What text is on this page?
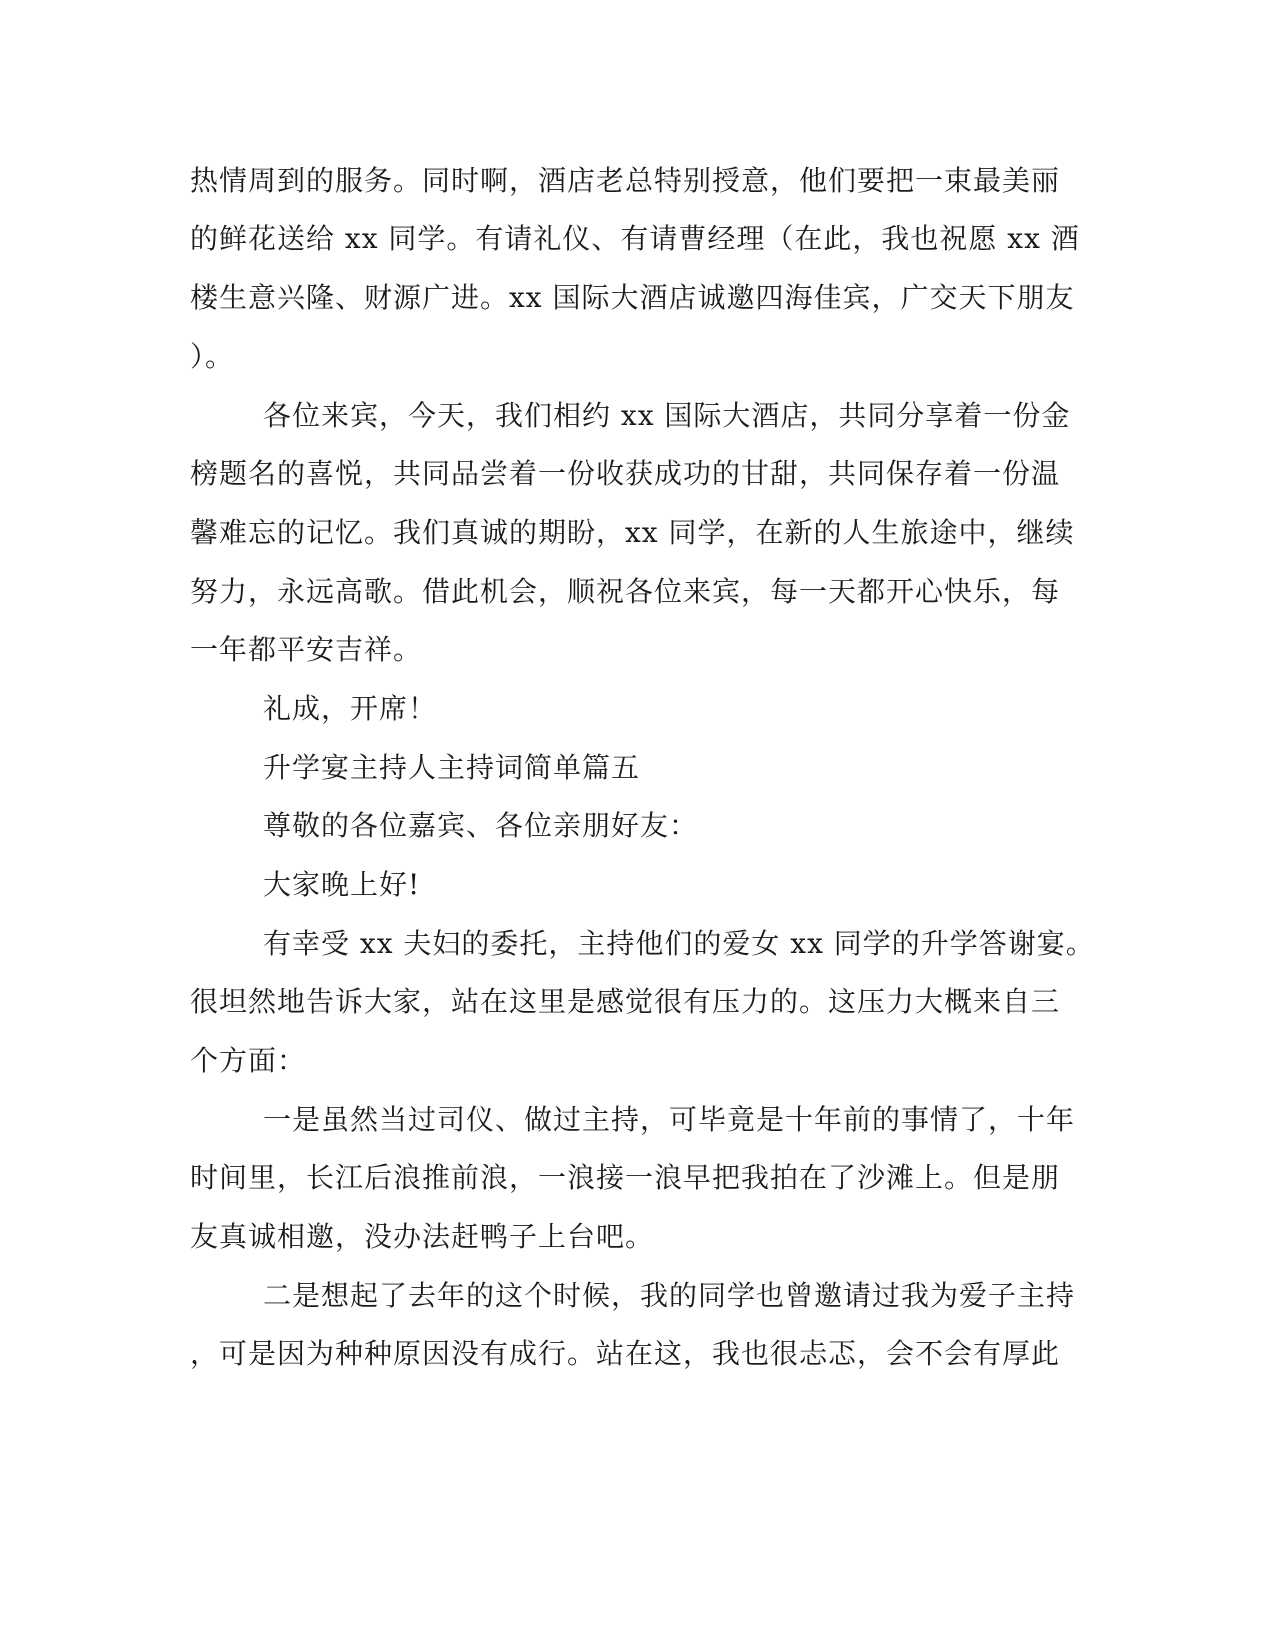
热情周到的服务。同时啊，酒店老总特别授意，他们要把一束最美丽
的鲜花送给 xx 同学。有请礼仪、有请曹经理（在此，我也祝愿 xx 酒
楼生意兴隆、财源广进。xx 国际大酒店诚邀四海佳宾，广交天下朋友
）。
各位来宾，今天，我们相约 xx 国际大酒店，共同分享着一份金
榜题名的喜悦，共同品尝着一份收获成功的甘甜，共同保存着一份温
馨难忘的记忆。我们真诚的期盼，xx 同学，在新的人生旅途中，继续
努力，永远高歌。借此机会，顺祝各位来宾，每一天都开心快乐，每
一年都平安吉祥。
礼成，开席！
升学宴主持人主持词简单篇五
尊敬的各位嘉宾、各位亲朋好友：
大家晚上好!
有幸受 xx 夫妇的委托，主持他们的爱女 xx 同学的升学答谢宴。
很坦然地告诉大家，站在这里是感觉很有压力的。这压力大概来自三
个方面：
一是虽然当过司仪、做过主持，可毕竟是十年前的事情了，十年
时间里，长江后浪推前浪，一浪接一浪早把我拍在了沙滩上。但是朋
友真诚相邀，没办法赶鸭子上台吧。
二是想起了去年的这个时候，我的同学也曾邀请过我为爱子主持
，可是因为种种原因没有成行。站在这，我也很忐忑，会不会有厚此
